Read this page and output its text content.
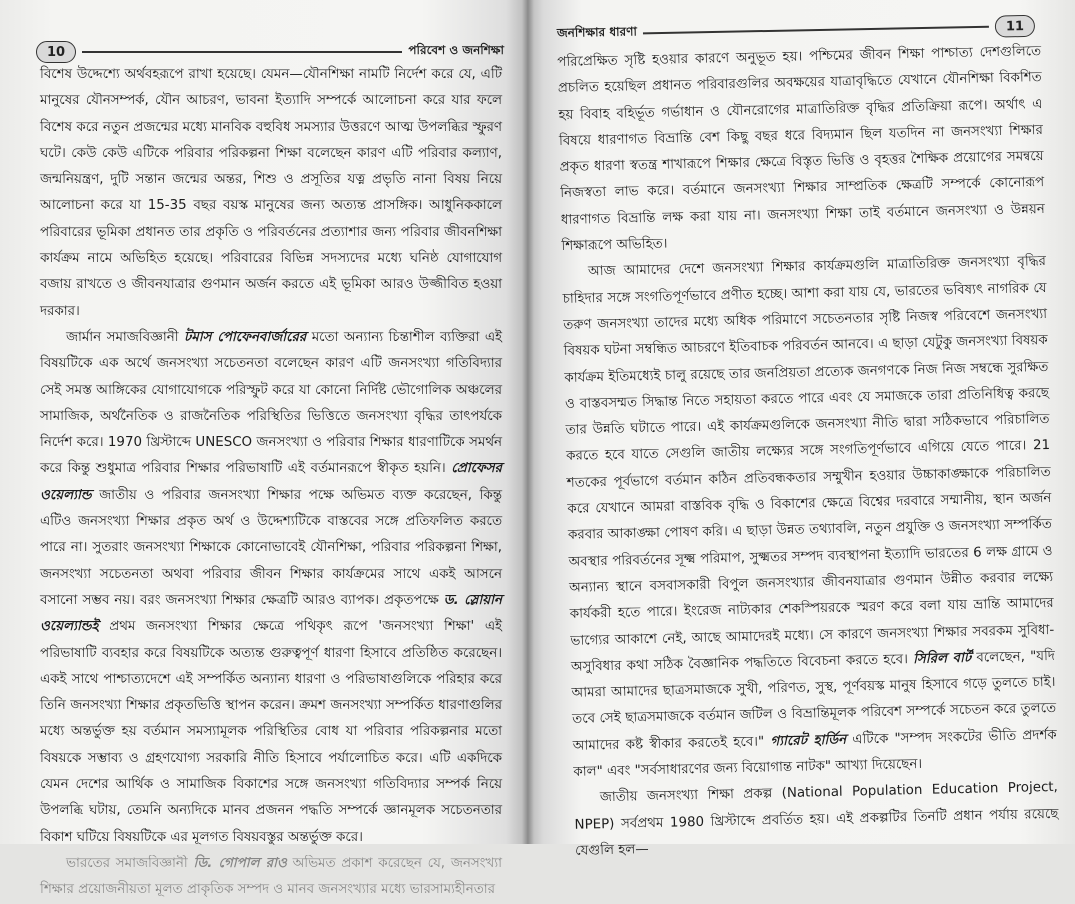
10	পরিবেশ ও জনশিক্ষা

বিশেষ উদ্দেশ্যে অর্থবহরূপে রাখা হয়েছে। যেমন—যৌনশিক্ষা নামটি নির্দেশ করে যে, এটি মানুষের যৌনসম্পর্ক, যৌন আচরণ, ভাবনা ইত্যাদি সম্পর্কে আলোচনা করে যার ফলে বিশেষ করে নতুন প্রজন্মের মধ্যে মানবিক বহুবিধ সমস্যার উত্তরণে আত্ম উপলব্ধির স্ফুরণ ঘটে। কেউ কেউ এটিকে পরিবার পরিকল্পনা শিক্ষা বলেছেন কারণ এটি পরিবার কল্যাণ, জন্মনিয়ন্ত্রণ, দুটি সন্তান জন্মের অন্তর, শিশু ও প্রসূতির যত্ন প্রভৃতি নানা বিষয় নিয়ে আলোচনা করে যা 15-35 বছর বয়স্ক মানুষের জন্য অত্যন্ত প্রাসঙ্গিক। আধুনিককালে পরিবারের ভূমিকা প্রধানত তার প্রকৃতি ও পরিবর্তনের প্রত্যাশার জন্য পরিবার জীবনশিক্ষা কার্যক্রম নামে অভিহিত হয়েছে। পরিবারের বিভিন্ন সদস্যদের মধ্যে ঘনিষ্ঠ যোগাযোগ বজায় রাখতে ও জীবনযাত্রার গুণমান অর্জন করতে এই ভূমিকা আরও উজ্জীবিত হওয়া দরকার।

জার্মান সমাজবিজ্ঞানী টমাস পোফেনবার্জারের মতো অন্যান্য চিন্তাশীল ব্যক্তিরা এই বিষয়টিকে এক অর্থে জনসংখ্যা সচেতনতা বলেছেন কারণ এটি জনসংখ্যা গতিবিদ্যার সেই সমস্ত আঙ্গিকের যোগাযোগকে পরিস্ফুট করে যা কোনো নির্দিষ্ট ভৌগোলিক অঞ্চলের সামাজিক, অর্থনৈতিক ও রাজনৈতিক পরিস্থিতির ভিত্তিতে জনসংখ্যা বৃদ্ধির তাৎপর্যকে নির্দেশ করে। 1970 খ্রিস্টাব্দে UNESCO জনসংখ্যা ও পরিবার শিক্ষার ধারণাটিকে সমর্থন করে কিন্তু শুধুমাত্র পরিবার শিক্ষার পরিভাষাটি এই বর্তমানরূপে স্বীকৃত হয়নি। প্রোফেসর ওয়েল্যান্ড জাতীয় ও পরিবার জনসংখ্যা শিক্ষার পক্ষে অভিমত ব্যক্ত করেছেন, কিন্তু এটিও জনসংখ্যা শিক্ষার প্রকৃত অর্থ ও উদ্দেশ্যটিকে বাস্তবের সঙ্গে প্রতিফলিত করতে পারে না। সুতরাং জনসংখ্যা শিক্ষাকে কোনোভাবেই যৌনশিক্ষা, পরিবার পরিকল্পনা শিক্ষা, জনসংখ্যা সচেতনতা অথবা পরিবার জীবন শিক্ষার কার্যক্রমের সাথে একই আসনে বসানো সম্ভব নয়। বরং জনসংখ্যা শিক্ষার ক্ষেত্রটি আরও ব্যাপক। প্রকৃতপক্ষে ড. স্লোয়ান ওয়েল্যান্ডই প্রথম জনসংখ্যা শিক্ষার ক্ষেত্রে পথিকৃৎ রূপে 'জনসংখ্যা শিক্ষা' এই পরিভাষাটি ব্যবহার করে বিষয়টিকে অত্যন্ত গুরুত্বপূর্ণ ধারণা হিসাবে প্রতিষ্ঠিত করেছেন। একই সাথে পাশ্চাত্যদেশে এই সম্পর্কিত অন্যান্য ধারণা ও পরিভাষাগুলিকে পরিহার করে তিনি জনসংখ্যা শিক্ষার প্রকৃতভিত্তি স্থাপন করেন। ক্রমশ জনসংখ্যা সম্পর্কিত ধারণাগুলির মধ্যে অন্তর্ভুক্ত হয় বর্তমান সমস্যামূলক পরিস্থিতির বোধ যা পরিবার পরিকল্পনার মতো বিষয়কে সম্ভাব্য ও গ্রহণযোগ্য সরকারি নীতি হিসাবে পর্যালোচিত করে। এটি একদিকে যেমন দেশের আর্থিক ও সামাজিক বিকাশের সঙ্গে জনসংখ্যা গতিবিদ্যার সম্পর্ক নিয়ে উপলব্ধি ঘটায়, তেমনি অন্যদিকে মানব প্রজনন পদ্ধতি সম্পর্কে জ্ঞানমূলক সচেতনতার বিকাশ ঘটিয়ে বিষয়টিকে এর মূলগত বিষয়বস্তুর অন্তর্ভুক্ত করে।

ভারতের সমাজবিজ্ঞানী ডি. গোপাল রাও অভিমত প্রকাশ করেছেন যে, জনসংখ্যা শিক্ষার প্রয়োজনীয়তা মূলত প্রাকৃতিক সম্পদ ও মানব জনসংখ্যার মধ্যে ভারসাম্যহীনতার

জনশিক্ষার ধারণা	11

পরিপ্রেক্ষিত সৃষ্টি হওয়ার কারণে অনুভূত হয়। পশ্চিমের জীবন শিক্ষা পাশ্চাত্য দেশগুলিতে প্রচলিত হয়েছিল প্রধানত পরিবারগুলির অবক্ষয়ের যাত্রাবৃদ্ধিতে যেখানে যৌনশিক্ষা বিকশিত হয় বিবাহ বহির্ভূত গর্ভাধান ও যৌনরোগের মাত্রাতিরিক্ত বৃদ্ধির প্রতিক্রিয়া রূপে। অর্থাৎ এ বিষয়ে ধারণাগত বিভ্রান্তি বেশ কিছু বছর ধরে বিদ্যমান ছিল যতদিন না জনসংখ্যা শিক্ষার প্রকৃত ধারণা স্বতন্ত্র শাখারূপে শিক্ষার ক্ষেত্রে বিস্তৃত ভিত্তি ও বৃহত্তর শৈক্ষিক প্রয়োগের সমন্বয়ে নিজস্বতা লাভ করে। বর্তমানে জনসংখ্যা শিক্ষার সাম্প্রতিক ক্ষেত্রটি সম্পর্কে কোনোরূপ ধারণাগত বিভ্রান্তি লক্ষ করা যায় না। জনসংখ্যা শিক্ষা তাই বর্তমানে জনসংখ্যা ও উন্নয়ন শিক্ষারূপে অভিহিত।

আজ আমাদের দেশে জনসংখ্যা শিক্ষার কার্যক্রমগুলি মাত্রাতিরিক্ত জনসংখ্যা বৃদ্ধির চাহিদার সঙ্গে সংগতিপূর্ণভাবে প্রণীত হচ্ছে। আশা করা যায় যে, ভারতের ভবিষ্যৎ নাগরিক যে তরুণ জনসংখ্যা তাদের মধ্যে অধিক পরিমাণে সচেতনতার সৃষ্টি নিজস্ব পরিবেশে জনসংখ্যা বিষয়ক ঘটনা সম্বন্ধিত আচরণে ইতিবাচক পরিবর্তন আনবে। এ ছাড়া যেটুকু জনসংখ্যা বিষয়ক কার্যক্রম ইতিমধ্যেই চালু রয়েছে তার জনপ্রিয়তা প্রত্যেক জনগণকে নিজ নিজ সম্বন্ধে সুরক্ষিত ও বাস্তবসম্মত সিদ্ধান্ত নিতে সহায়তা করতে পারে এবং যে সমাজকে তারা প্রতিনিধিত্ব করছে তার উন্নতি ঘটাতে পারে। এই কার্যক্রমগুলিকে জনসংখ্যা নীতি দ্বারা সঠিকভাবে পরিচালিত করতে হবে যাতে সেগুলি জাতীয় লক্ষ্যের সঙ্গে সংগতিপূর্ণভাবে এগিয়ে যেতে পারে। 21 শতকের পূর্বভাগে বর্তমান কঠিন প্রতিবন্ধকতার সম্মুখীন হওয়ার উচ্চাকাঙ্ক্ষাকে পরিচালিত করে যেখানে আমরা বাস্তবিক বৃদ্ধি ও বিকাশের ক্ষেত্রে বিশ্বের দরবারে সম্মানীয়, স্থান অর্জন করবার আকাঙ্ক্ষা পোষণ করি। এ ছাড়া উন্নত তথ্যাবলি, নতুন প্রযুক্তি ও জনসংখ্যা সম্পর্কিত অবস্থার পরিবর্তনের সূক্ষ্ম পরিমাপ, সুক্ষ্মতর সম্পদ ব্যবস্থাপনা ইত্যাদি ভারতের 6 লক্ষ গ্রামে ও অন্যান্য স্থানে বসবাসকারী বিপুল জনসংখ্যার জীবনযাত্রার গুণমান উন্নীত করবার লক্ষ্যে কার্যকরী হতে পারে। ইংরেজ নাট্যকার শেকস্পিয়রকে স্মরণ করে বলা যায় ভ্রান্তি আমাদের ভাগ্যের আকাশে নেই, আছে আমাদেরই মধ্যে। সে কারণে জনসংখ্যা শিক্ষার সবরকম সুবিধা-অসুবিধার কথা সঠিক বৈজ্ঞানিক পদ্ধতিতে বিবেচনা করতে হবে। সিরিল বার্ট বলেছেন, "যদি আমরা আমাদের ছাত্রসমাজকে সুখী, পরিণত, সুস্থ, পূর্ণবয়স্ক মানুষ হিসাবে গড়ে তুলতে চাই। তবে সেই ছাত্রসমাজকে বর্তমান জটিল ও বিভ্রান্তিমূলক পরিবেশ সম্পর্কে সচেতন করে তুলতে আমাদের কষ্ট স্বীকার করতেই হবে।" গ্যারেট হার্ডিন এটিকে "সম্পদ সংকটের ভীতি প্রদর্শক কাল" এবং "সর্বসাধারণের জন্য বিয়োগান্ত নাটক" আখ্যা দিয়েছেন।

জাতীয় জনসংখ্যা শিক্ষা প্রকল্প (National Population Education Project, NPEP) সর্বপ্রথম 1980 খ্রিস্টাব্দে প্রবর্তিত হয়। এই প্রকল্পটির তিনটি প্রধান পর্যায় রয়েছে যেগুলি হল—
